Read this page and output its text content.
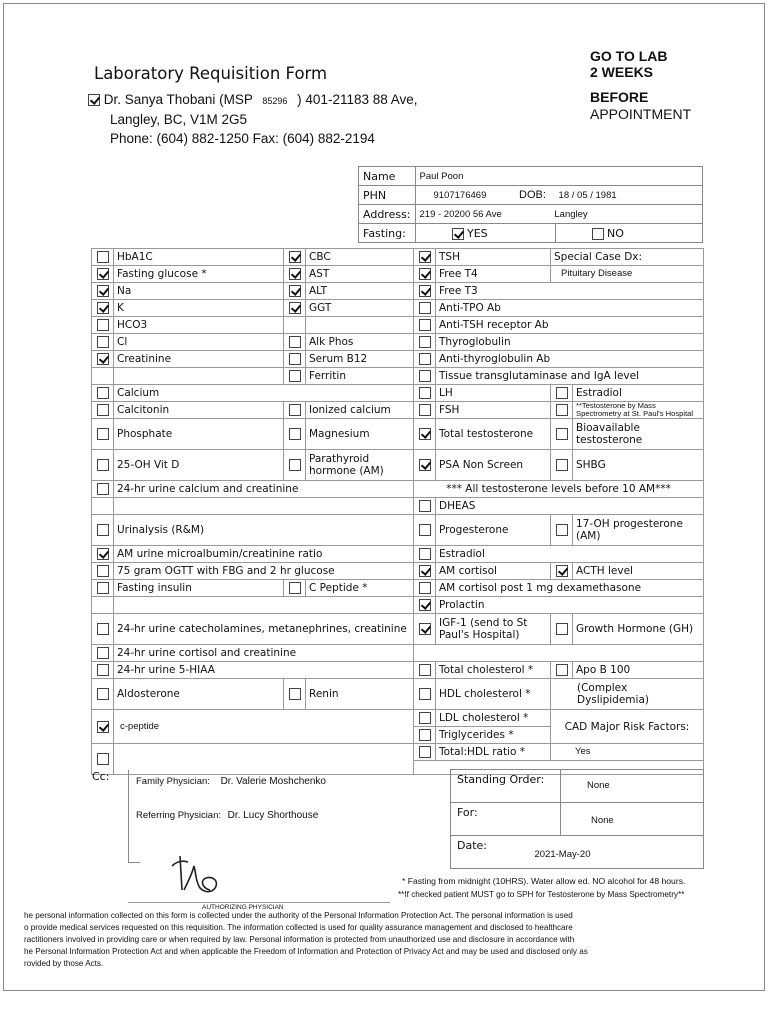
Laboratory Requisition Form
GO TO LAB
2 WEEKS
BEFORE
APPOINTMENT
Dr. Sanya Thobani (MSP 85296 ) 401-21183 88 Ave,
Langley, BC, V1M 2G5
Phone: (604) 882-1250 Fax: (604) 882-2194
Name	Paul Poon	
PHN	9107176469 DOB: 18 / 05 / 1981	
Address:	219 - 20200 56 Ave Langley	
Fasting:	YES	NO
	HbA1C		CBC		TSH	Special Case Dx:	
	Fasting glucose *		AST		Free T4	Pituitary Disease	
	Na		ALT		Free T3		
	K		GGT		Anti-TPO Ab		
	HCO3				Anti-TSH receptor Ab		
	Cl		Alk Phos		Thyroglobulin		
	Creatinine		Serum B12		Anti-thyroglobulin Ab		
			Ferritin		Tissue transglutaminase and IgA level		
	Calcium				LH		Estradiol
	Calcitonin		Ionized calcium		FSH		**Testosterone by Mass Spectrometry at St. Paul's Hospital
	Phosphate		Magnesium		Total testosterone		Bioavailable testosterone
	25-OH Vit D		Parathyroid hormone (AM)		PSA Non Screen		SHBG
	24-hr urine calcium and creatinine			*** All testosterone levels before 10 AM***			
					DHEAS		
	Urinalysis (R&M)				Progesterone		17-OH progesterone (AM)
	AM urine microalbumin/creatinine ratio				Estradiol		
	75 gram OGTT with FBG and 2 hr glucose				AM cortisol		ACTH level
	Fasting insulin		C Peptide *		AM cortisol post 1 mg dexamethasone		
					Prolactin		
	24-hr urine catecholamines, metanephrines, creatinine				IGF-1 (send to St Paul's Hospital)		Growth Hormone (GH)
	24-hr urine cortisol and creatinine						
	24-hr urine 5-HIAA				Total cholesterol *		Apo B 100
	Aldosterone		Renin		HDL cholesterol *	(Complex Dyslipidemia)	
	c-peptide				LDL cholesterol *	CAD Major Risk Factors:	
					Triglycerides *		
					Total:HDL ratio *	Yes	

Cc:	Family Physician: Dr. Valerie Moshchenko
Referring Physician: Dr. Lucy Shorthouse
Standing Order:	None
For:	None
Date: 2021-May-20	
AUTHORIZING PHYSICIAN
* Fasting from midnight (10HRS). Water allow ed. NO alcohol for 48 hours.
**If checked patient MUST go to SPH for Testosterone by Mass Spectrometry**
he personal information collected on this form is collected under the authority of the Personal Information Protection Act. The personal information is used
o provide medical services requested on this requisition. The information collected is used for quality assurance management and disclosed to healthcare
ractitioners involved in providing care or when required by law. Personal information is protected from unauthorized use and disclosure in accordance with
he Personal Information Protection Act and when applicable the Freedom of Information and Protection of Privacy Act and may be used and disclosed only as
rovided by those Acts.
